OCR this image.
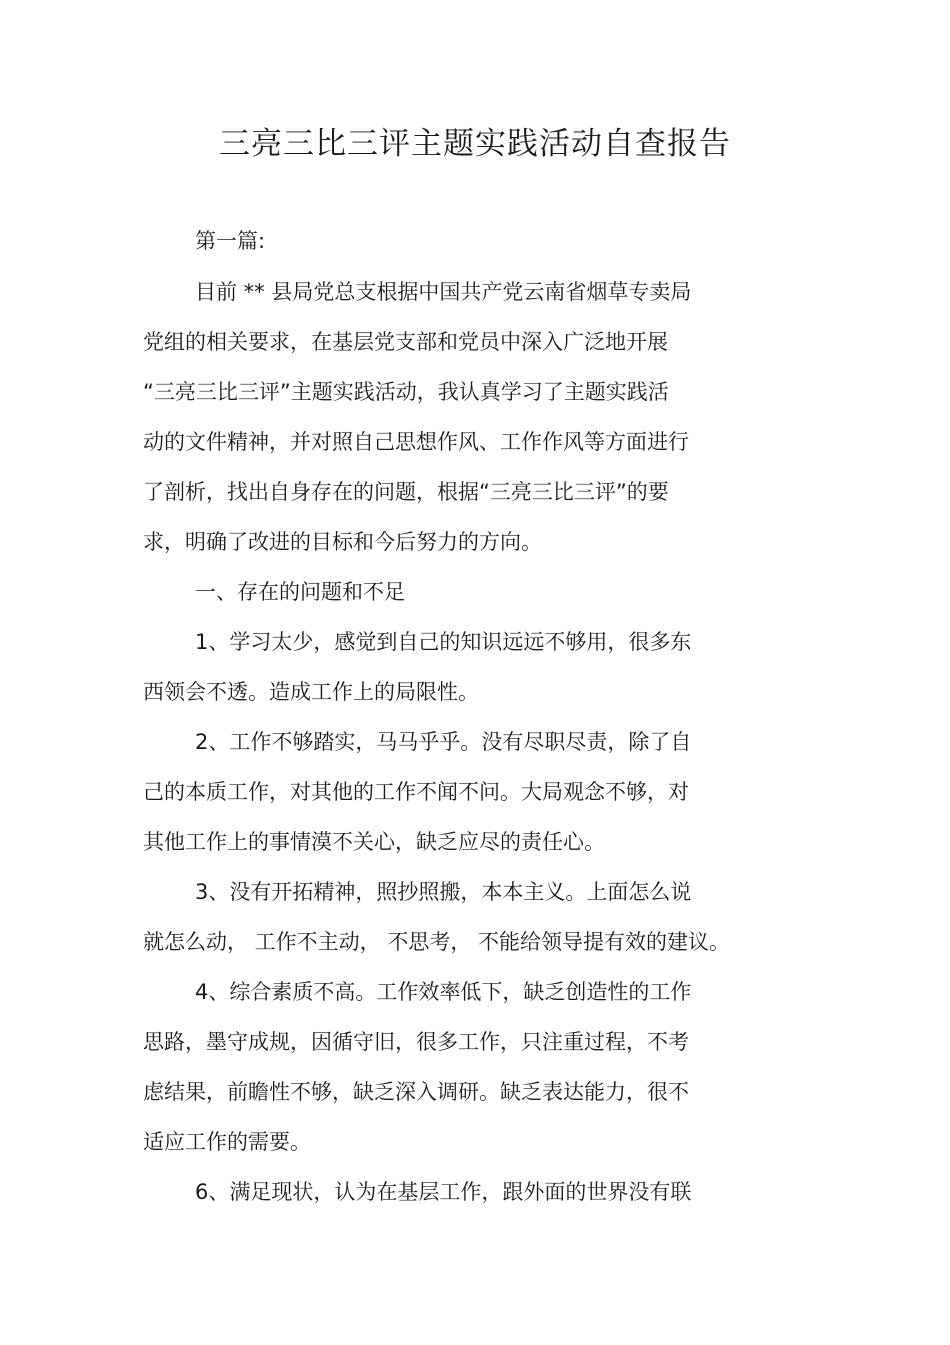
三亮三比三评主题实践活动自查报告
第一篇:
目前 ** 县局党总支根据中国共产党云南省烟草专卖局
党组的相关要求，在基层党支部和党员中深入广泛地开展
“三亮三比三评”主题实践活动，我认真学习了主题实践活
动的文件精神，并对照自己思想作风、工作作风等方面进行
了剖析，找出自身存在的问题，根据“三亮三比三评”的要
求，明确了改进的目标和今后努力的方向。
一、存在的问题和不足
1、学习太少，感觉到自己的知识远远不够用，很多东
西领会不透。造成工作上的局限性。
2、工作不够踏实，马马乎乎。没有尽职尽责，除了自
己的本质工作，对其他的工作不闻不问。大局观念不够，对
其他工作上的事情漠不关心，缺乏应尽的责任心。
3、没有开拓精神，照抄照搬，本本主义。上面怎么说
就怎么动， 工作不主动， 不思考， 不能给领导提有效的建议。
4、综合素质不高。工作效率低下，缺乏创造性的工作
思路，墨守成规，因循守旧，很多工作，只注重过程，不考
虑结果，前瞻性不够，缺乏深入调研。缺乏表达能力，很不
适应工作的需要。
6、满足现状，认为在基层工作，跟外面的世界没有联
